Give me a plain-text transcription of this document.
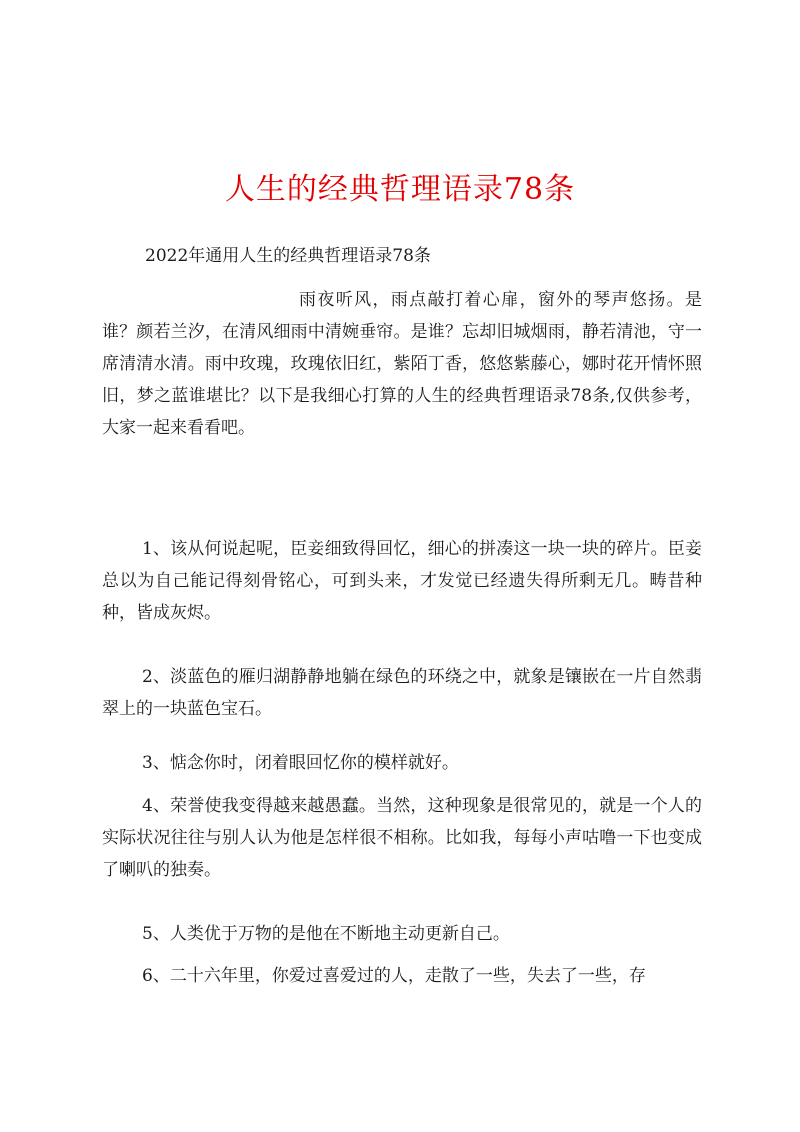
人生的经典哲理语录78条
2022年通用人生的经典哲理语录78条

雨夜听风，雨点敲打着心扉，窗外的琴声悠扬。是谁？颜若兰汐，在清风细雨中清婉垂帘。是谁？忘却旧城烟雨，静若清池，守一席清清水清。雨中玫瑰，玫瑰依旧红，紫陌丁香，悠悠紫藤心，娜时花开情怀照旧，梦之蓝谁堪比？以下是我细心打算的人生的经典哲理语录78条,仅供参考，大家一起来看看吧。

1、该从何说起呢，臣妾细致得回忆，细心的拼凑这一块一块的碎片。臣妾总以为自己能记得刻骨铭心，可到头来，才发觉已经遗失得所剩无几。畴昔种种，皆成灰烬。

2、淡蓝色的雁归湖静静地躺在绿色的环绕之中，就象是镶嵌在一片自然翡翠上的一块蓝色宝石。

3、惦念你时，闭着眼回忆你的模样就好。

4、荣誉使我变得越来越愚蠢。当然，这种现象是很常见的，就是一个人的实际状况往往与别人认为他是怎样很不相称。比如我，每每小声咕噜一下也变成了喇叭的独奏。

5、人类优于万物的是他在不断地主动更新自己。

6、二十六年里，你爱过喜爱过的人，走散了一些，失去了一些，存
